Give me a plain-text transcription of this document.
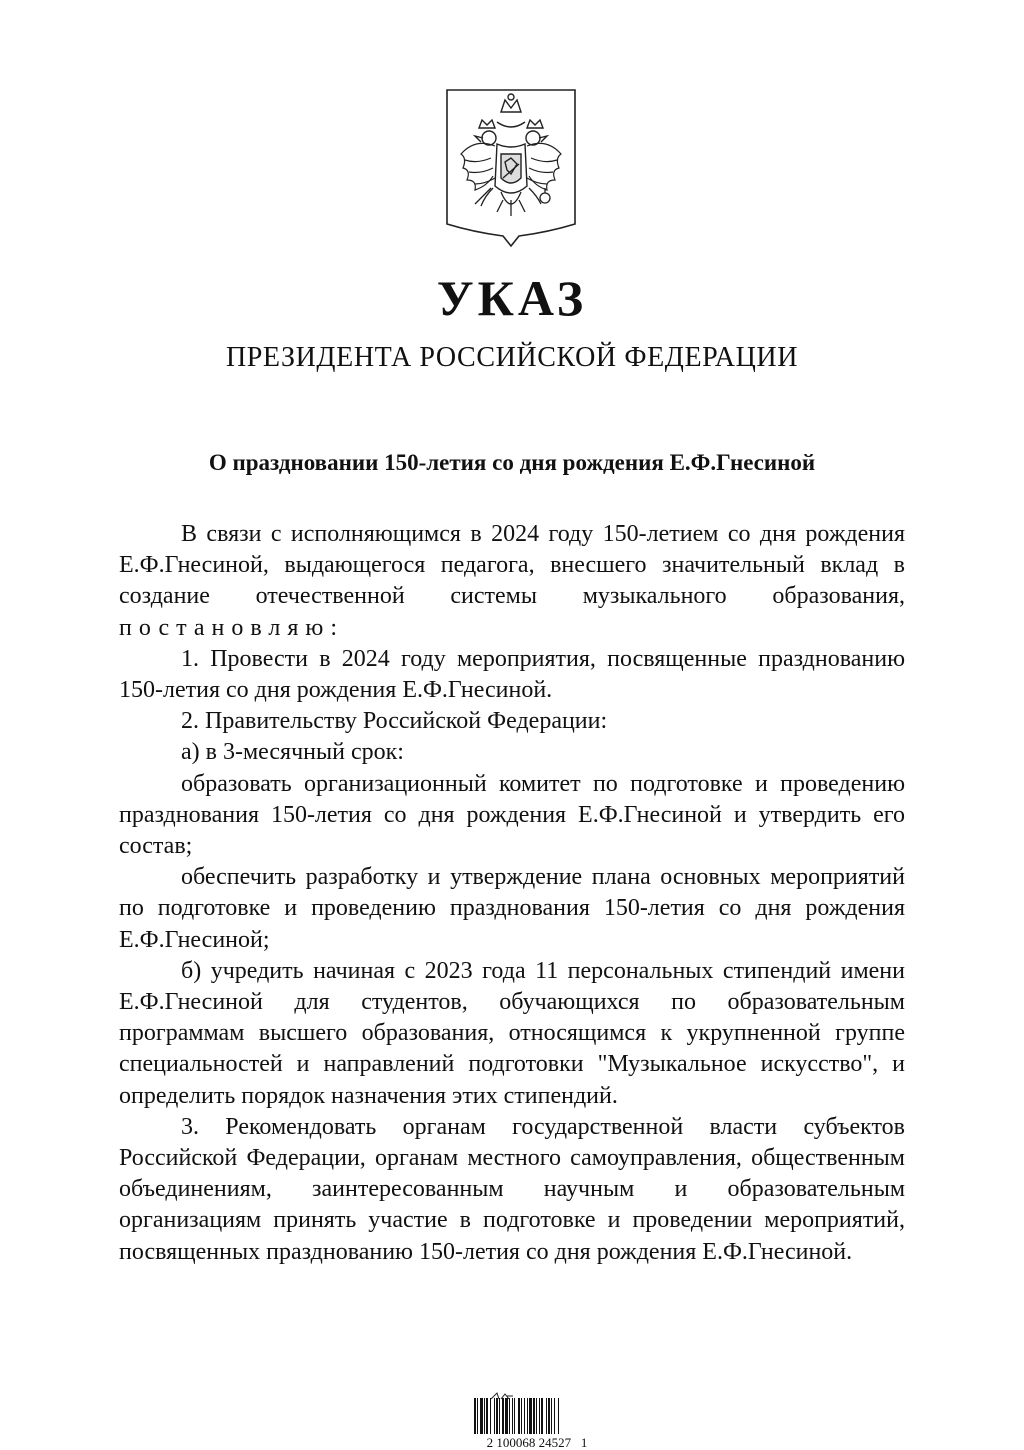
УКАЗ
ПРЕЗИДЕНТА РОССИЙСКОЙ ФЕДЕРАЦИИ
О праздновании 150-летия со дня рождения Е.Ф.Гнесиной

В связи с исполняющимся в 2024 году 150-летием со дня рождения Е.Ф.Гнесиной, выдающегося педагога, внесшего значительный вклад в создание отечественной системы музыкального образования, постановляю:

1. Провести в 2024 году мероприятия, посвященные празднованию 150-летия со дня рождения Е.Ф.Гнесиной.

2. Правительству Российской Федерации:

а) в 3-месячный срок:

образовать организационный комитет по подготовке и проведению празднования 150-летия со дня рождения Е.Ф.Гнесиной и утвердить его состав;

обеспечить разработку и утверждение плана основных мероприятий по подготовке и проведению празднования 150-летия со дня рождения Е.Ф.Гнесиной;

б) учредить начиная с 2023 года 11 персональных стипендий имени Е.Ф.Гнесиной для студентов, обучающихся по образовательным программам высшего образования, относящимся к укрупненной группе специальностей и направлений подготовки "Музыкальное искусство", и определить порядок назначения этих стипендий.

3. Рекомендовать органам государственной власти субъектов Российской Федерации, органам местного самоуправления, общественным объединениям, заинтересованным научным и образовательным организациям принять участие в подготовке и проведении мероприятий, посвященных празднованию 150-летия со дня рождения Е.Ф.Гнесиной.

2 100068 24527   1
